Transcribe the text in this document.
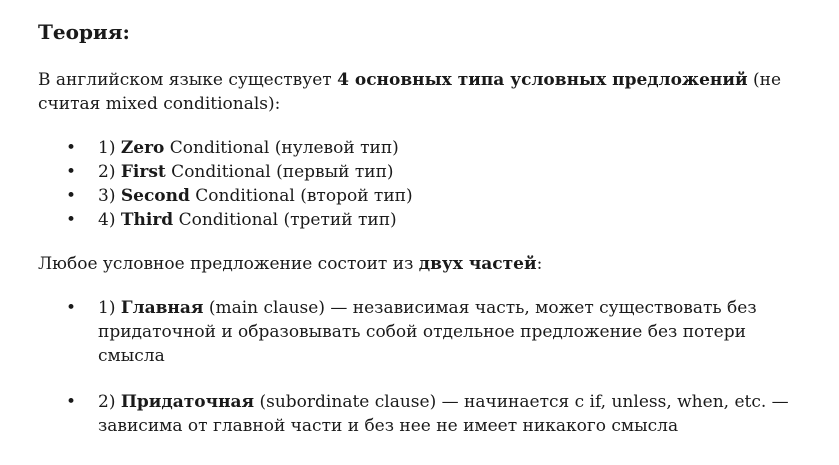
Теория:

В английском языке существует 4 основных типа условных предложений (не считая mixed conditionals):

• 1) Zero Conditional (нулевой тип)
• 2) First Conditional (первый тип)
• 3) Second Conditional (второй тип)
• 4) Third Conditional (третий тип)

Любое условное предложение состоит из двух частей:

• 1) Главная (main clause) — независимая часть, может существовать без придаточной и образовывать собой отдельное предложение без потери смысла
• 2) Придаточная (subordinate clause) — начинается с if, unless, when, etc. — зависима от главной части и без нее не имеет никакого смысла
